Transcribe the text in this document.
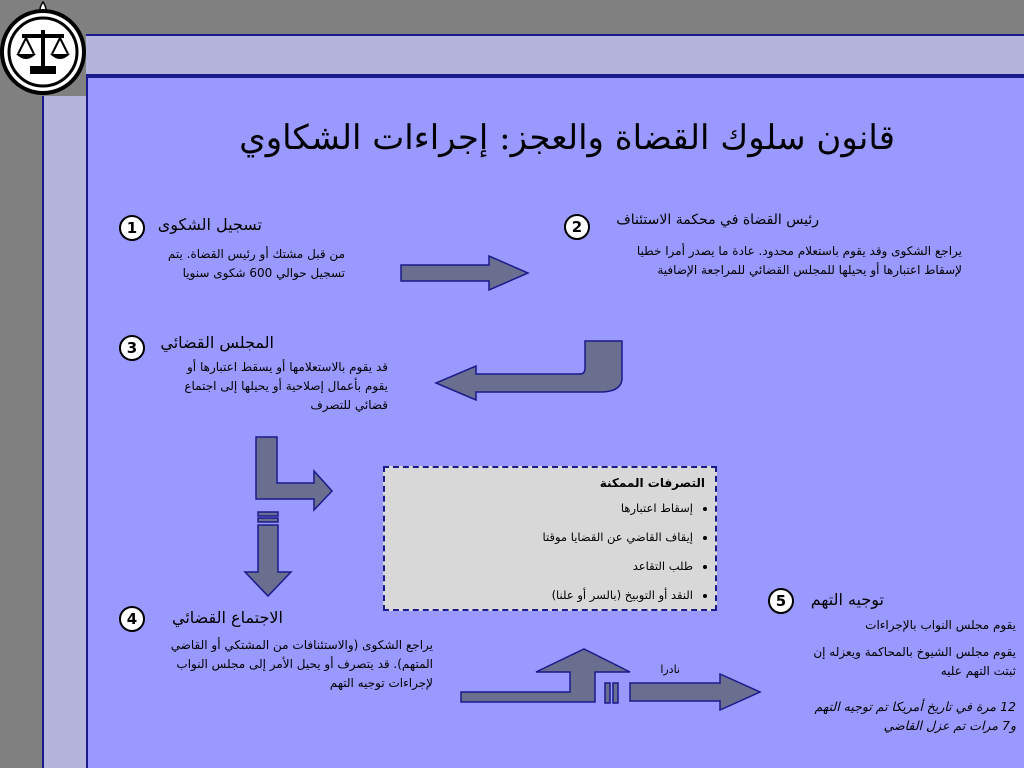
قانون سلوك القضاة والعجز: إجراءات الشكاوي
1	تسجيل الشكوى
من قبل مشتك أو رئيس القضاة. يتم
تسجيل حوالي 600 شكوى سنويا
2	رئيس القضاة في محكمة الاستئناف
يراجع الشكوى وقد يقوم باستعلام محدود. عادة ما يصدر أمرا خطيا
لإسقاط اعتبارها أو يحيلها للمجلس القضائي للمراجعة الإضافية
3	المجلس القضائي
قد يقوم بالاستعلامها أو يسقط اعتبارها أو
يقوم بأعمال إصلاحية أو يحيلها إلى اجتماع
قضائي للتصرف
التصرفات الممكنة
• إسقاط اعتبارها
• إيقاف القاضي عن القضايا موقتا
• طلب التقاعد
• النقد أو التوبيخ (بالسر أو علنا)
4	الاجتماع القضائي
يراجع الشكوى (والاستئنافات من المشتكي أو القاضي
المتهم). قد يتصرف أو يحيل الأمر إلى مجلس النواب
لإجراءات توجيه التهم
5	توجيه التهم
يقوم مجلس النواب بالإجراءات
يقوم مجلس الشيوخ بالمحاكمة ويعزله إن
ثبتت التهم عليه
12 مرة في تاريخ أمريكا تم توجيه التهم
و7 مرات تم عزل القاضي
نادرا
